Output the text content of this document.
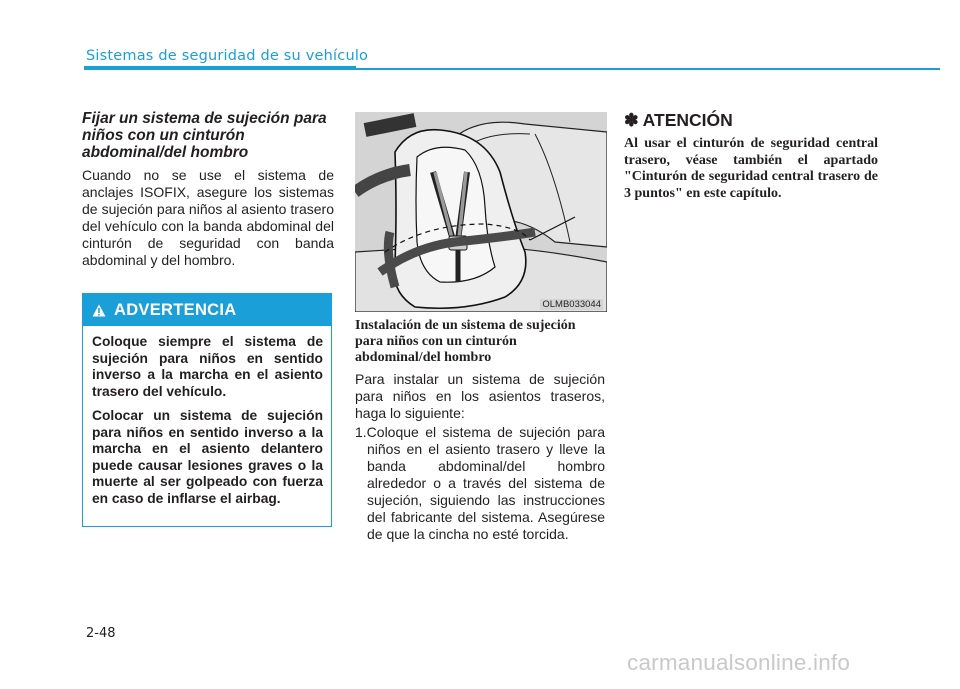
Sistemas de seguridad de su vehículo

Fijar un sistema de sujeción para niños con un cinturón abdominal/del hombro

Cuando no se use el sistema de anclajes ISOFIX, asegure los sistemas de sujeción para niños al asiento trasero del vehículo con la banda abdominal del cinturón de seguridad con banda abdominal y del hombro.

ADVERTENCIA

Coloque siempre el sistema de sujeción para niños en sentido inverso a la marcha en el asiento trasero del vehículo.

Colocar un sistema de sujeción para niños en sentido inverso a la marcha en el asiento delantero puede causar lesiones graves o la muerte al ser golpeado con fuerza en caso de inflarse el airbag.

OLMB033044

Instalación de un sistema de sujeción para niños con un cinturón abdominal/del hombro

Para instalar un sistema de sujeción para niños en los asientos traseros, haga lo siguiente:

1.Coloque el sistema de sujeción para niños en el asiento trasero y lleve la banda abdominal/del hombro alrededor o a través del sistema de sujeción, siguiendo las instrucciones del fabricante del sistema. Asegúrese de que la cincha no esté torcida.
✽ ATENCIÓN

Al usar el cinturón de seguridad central trasero, véase también el apartado "Cinturón de seguridad central trasero de 3 puntos" en este capítulo.

2-48
carmanualsonline.info
